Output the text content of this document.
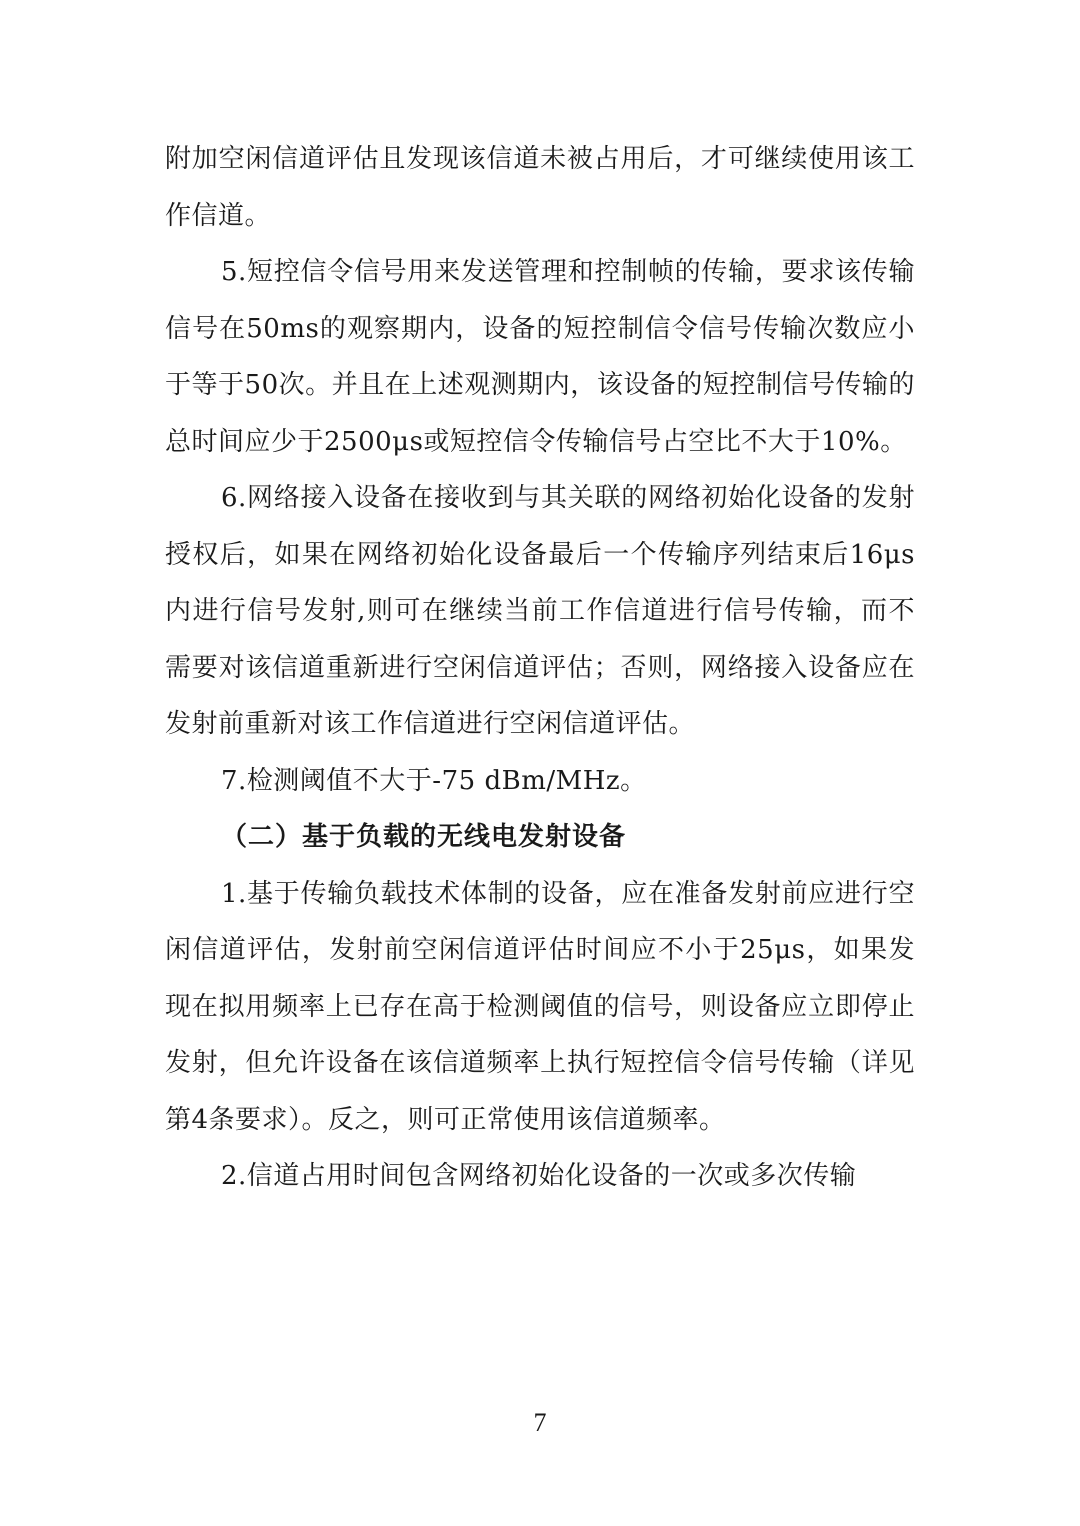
附加空闲信道评估且发现该信道未被占用后，才可继续使用该工作信道。

5.短控信令信号用来发送管理和控制帧的传输，要求该传输信号在50ms的观察期内，设备的短控制信令信号传输次数应小于等于50次。并且在上述观测期内，该设备的短控制信号传输的总时间应少于2500μs或短控信令传输信号占空比不大于10%。

6.网络接入设备在接收到与其关联的网络初始化设备的发射授权后，如果在网络初始化设备最后一个传输序列结束后16μs内进行信号发射,则可在继续当前工作信道进行信号传输，而不需要对该信道重新进行空闲信道评估；否则，网络接入设备应在发射前重新对该工作信道进行空闲信道评估。

7.检测阈值不大于-75 dBm/MHz。

（二）基于负载的无线电发射设备

1.基于传输负载技术体制的设备，应在准备发射前应进行空闲信道评估，发射前空闲信道评估时间应不小于25μs，如果发现在拟用频率上已存在高于检测阈值的信号，则设备应立即停止发射，但允许设备在该信道频率上执行短控信令信号传输（详见第4条要求）。反之，则可正常使用该信道频率。

2.信道占用时间包含网络初始化设备的一次或多次传输

7
